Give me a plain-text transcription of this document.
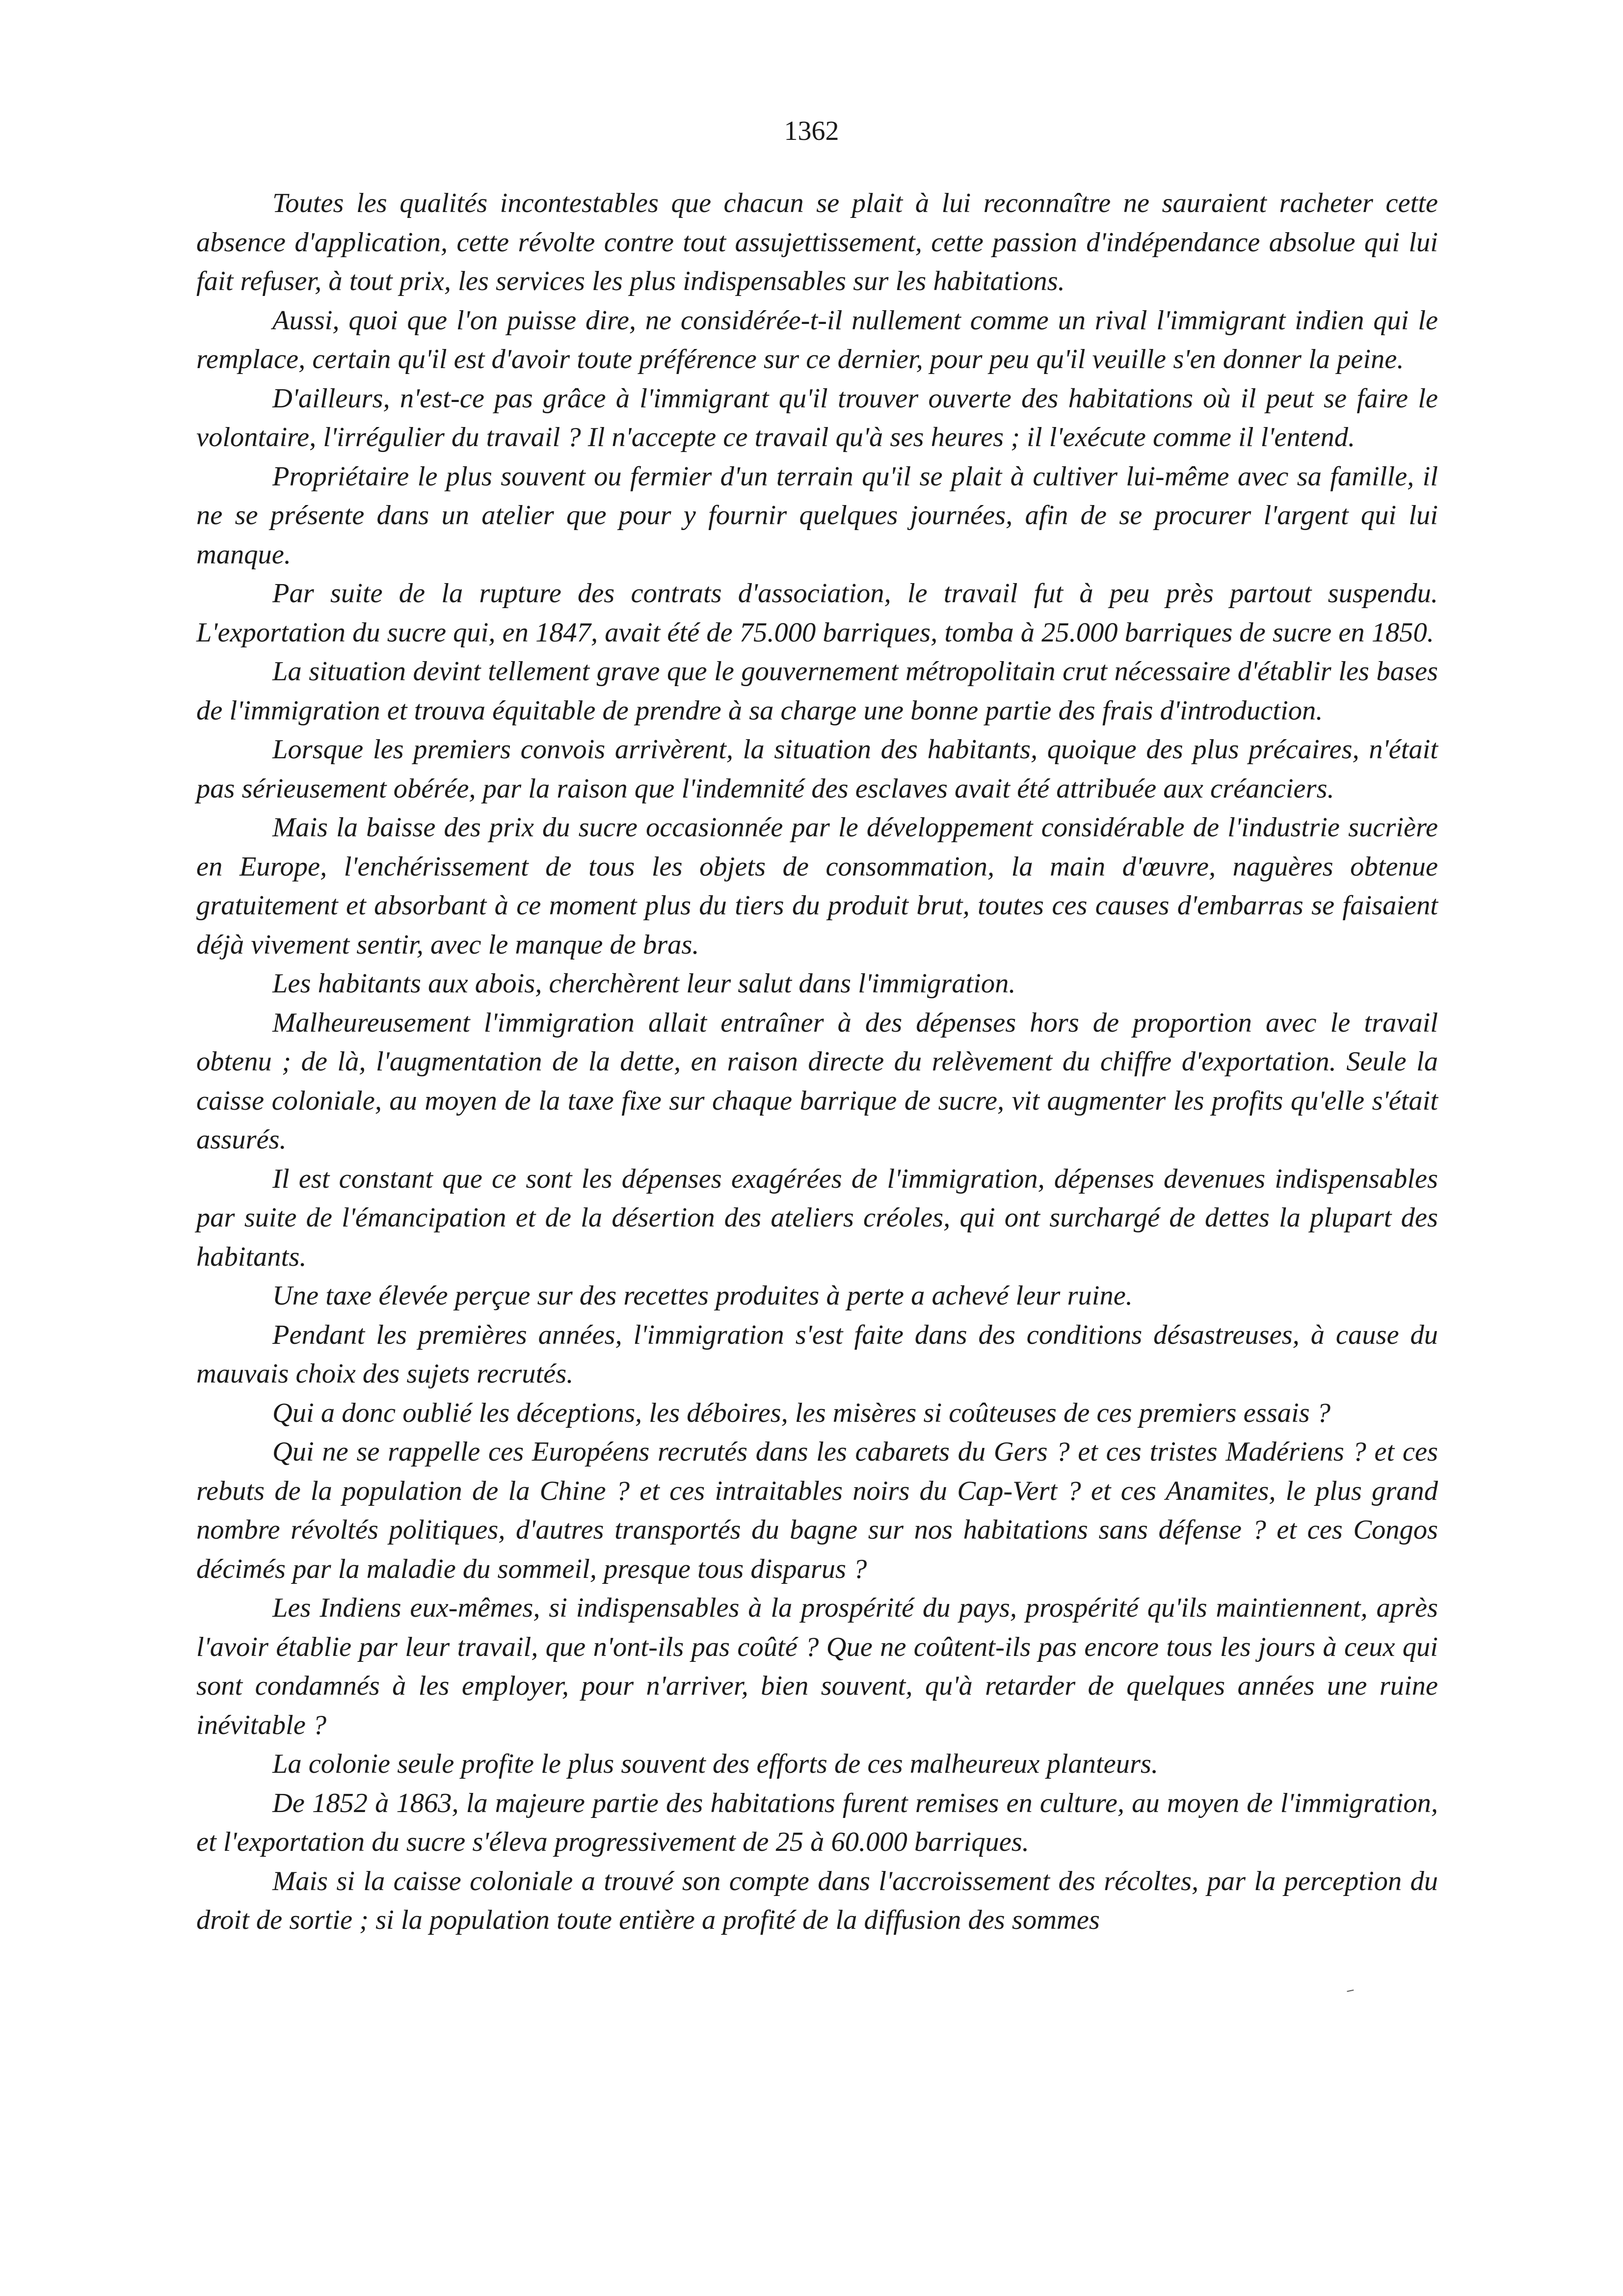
1362

Toutes les qualités incontestables que chacun se plait à lui reconnaître ne sauraient racheter cette absence d'application, cette révolte contre tout assujettissement, cette passion d'indépendance absolue qui lui fait refuser, à tout prix, les services les plus indispensables sur les habitations.

Aussi, quoi que l'on puisse dire, ne considérée-t-il nullement comme un rival l'immigrant indien qui le remplace, certain qu'il est d'avoir toute préférence sur ce dernier, pour peu qu'il veuille s'en donner la peine.

D'ailleurs, n'est-ce pas grâce à l'immigrant qu'il trouver ouverte des habitations où il peut se faire le volontaire, l'irrégulier du travail ? Il n'accepte ce travail qu'à ses heures ; il l'exécute comme il l'entend.

Propriétaire le plus souvent ou fermier d'un terrain qu'il se plait à cultiver lui-même avec sa famille, il ne se présente dans un atelier que pour y fournir quelques journées, afin de se procurer l'argent qui lui manque.

Par suite de la rupture des contrats d'association, le travail fut à peu près partout suspendu. L'exportation du sucre qui, en 1847, avait été de 75.000 barriques, tomba à 25.000 barriques de sucre en 1850.

La situation devint tellement grave que le gouvernement métropolitain crut nécessaire d'établir les bases de l'immigration et trouva équitable de prendre à sa charge une bonne partie des frais d'introduction.

Lorsque les premiers convois arrivèrent, la situation des habitants, quoique des plus précaires, n'était pas sérieusement obérée, par la raison que l'indemnité des esclaves avait été attribuée aux créanciers.

Mais la baisse des prix du sucre occasionnée par le développement considérable de l'industrie sucrière en Europe, l'enchérissement de tous les objets de consommation, la main d'œuvre, naguères obtenue gratuitement et absorbant à ce moment plus du tiers du produit brut, toutes ces causes d'embarras se faisaient déjà vivement sentir, avec le manque de bras.

Les habitants aux abois, cherchèrent leur salut dans l'immigration.

Malheureusement l'immigration allait entraîner à des dépenses hors de proportion avec le travail obtenu ; de là, l'augmentation de la dette, en raison directe du relèvement du chiffre d'exportation. Seule la caisse coloniale, au moyen de la taxe fixe sur chaque barrique de sucre, vit augmenter les profits qu'elle s'était assurés.

Il est constant que ce sont les dépenses exagérées de l'immigration, dépenses devenues indispensables par suite de l'émancipation et de la désertion des ateliers créoles, qui ont surchargé de dettes la plupart des habitants.

Une taxe élevée perçue sur des recettes produites à perte a achevé leur ruine.

Pendant les premières années, l'immigration s'est faite dans des conditions désastreuses, à cause du mauvais choix des sujets recrutés.

Qui a donc oublié les déceptions, les déboires, les misères si coûteuses de ces premiers essais ?

Qui ne se rappelle ces Européens recrutés dans les cabarets du Gers ? et ces tristes Madériens ? et ces rebuts de la population de la Chine ? et ces intraitables noirs du Cap-Vert ? et ces Anamites, le plus grand nombre révoltés politiques, d'autres transportés du bagne sur nos habitations sans défense ? et ces Congos décimés par la maladie du sommeil, presque tous disparus ?

Les Indiens eux-mêmes, si indispensables à la prospérité du pays, prospérité qu'ils maintiennent, après l'avoir établie par leur travail, que n'ont-ils pas coûté ? Que ne coûtent-ils pas encore tous les jours à ceux qui sont condamnés à les employer, pour n'arriver, bien souvent, qu'à retarder de quelques années une ruine inévitable ?

La colonie seule profite le plus souvent des efforts de ces malheureux planteurs.

De 1852 à 1863, la majeure partie des habitations furent remises en culture, au moyen de l'immigration, et l'exportation du sucre s'éleva progressivement de 25 à 60.000 barriques.

Mais si la caisse coloniale a trouvé son compte dans l'accroissement des récoltes, par la perception du droit de sortie ; si la population toute entière a profité de la diffusion des sommes
